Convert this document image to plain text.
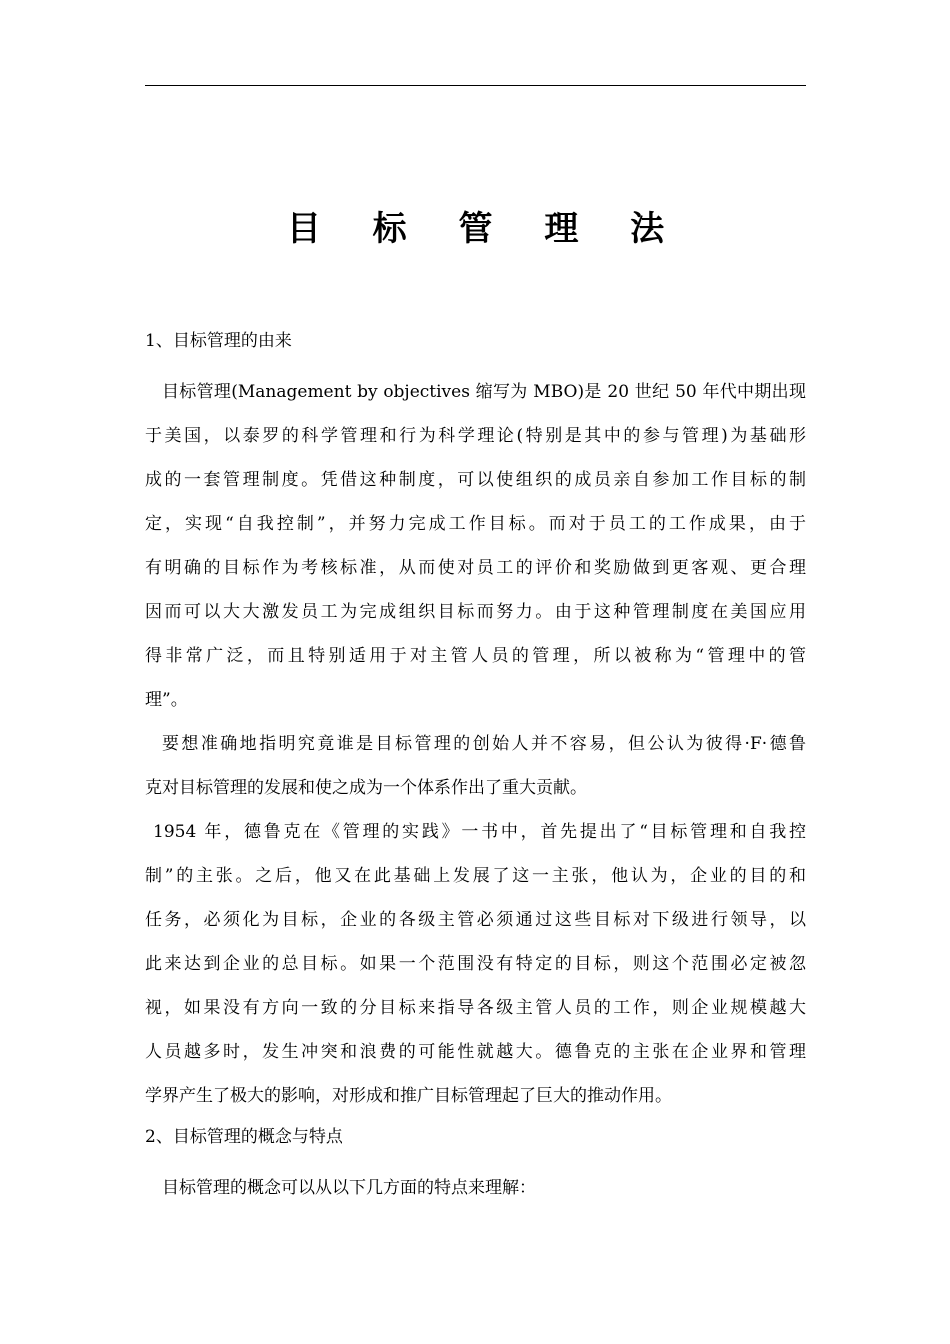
目 标 管 理 法
1、目标管理的由来
目标管理(Management by objectives 缩写为 MBO)是 20 世纪 50 年代中期出现
于美国，以泰罗的科学管理和行为科学理论(特别是其中的参与管理)为基础形
成的一套管理制度。凭借这种制度，可以使组织的成员亲自参加工作目标的制
定，实现“自我控制”，并努力完成工作目标。而对于员工的工作成果，由于
有明确的目标作为考核标准，从而使对员工的评价和奖励做到更客观、更合理
因而可以大大激发员工为完成组织目标而努力。由于这种管理制度在美国应用
得非常广泛，而且特别适用于对主管人员的管理，所以被称为“管理中的管
理”。
要想准确地指明究竟谁是目标管理的创始人并不容易，但公认为彼得·F·德鲁
克对目标管理的发展和使之成为一个体系作出了重大贡献。
1954 年，德鲁克在《管理的实践》一书中，首先提出了“目标管理和自我控
制”的主张。之后，他又在此基础上发展了这一主张，他认为，企业的目的和
任务，必须化为目标，企业的各级主管必须通过这些目标对下级进行领导，以
此来达到企业的总目标。如果一个范围没有特定的目标，则这个范围必定被忽
视，如果没有方向一致的分目标来指导各级主管人员的工作，则企业规模越大
人员越多时，发生冲突和浪费的可能性就越大。德鲁克的主张在企业界和管理
学界产生了极大的影响，对形成和推广目标管理起了巨大的推动作用。
2、目标管理的概念与特点
目标管理的概念可以从以下几方面的特点来理解：
